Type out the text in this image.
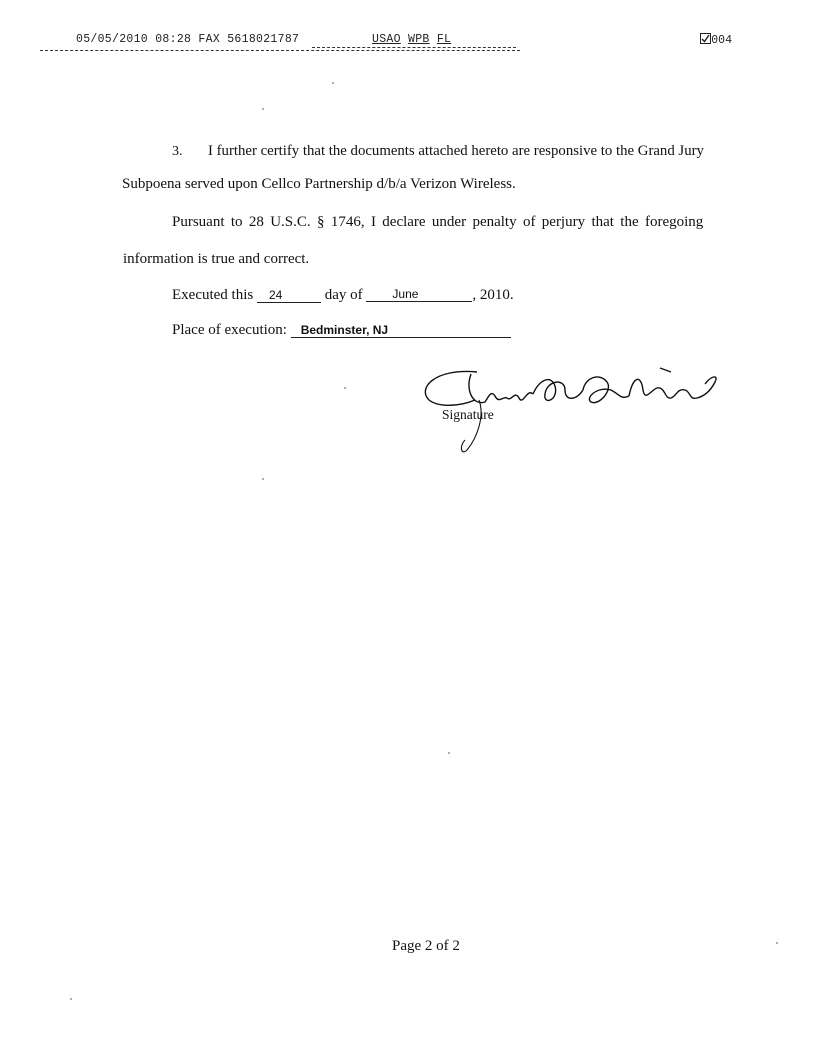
05/05/2010 08:28 FAX 5618021787	USAO WPB FL	004
3. I further certify that the documents attached hereto are responsive to the Grand Jury
Subpoena served upon Cellco Partnership d/b/a Verizon Wireless.
Pursuant to 28 U.S.C. § 1746, I declare under penalty of perjury that the foregoing
information is true and correct.
Executed this 24	day of June	, 2010.
Place of execution: Bedminster, NJ
Signature
Page 2 of 2
